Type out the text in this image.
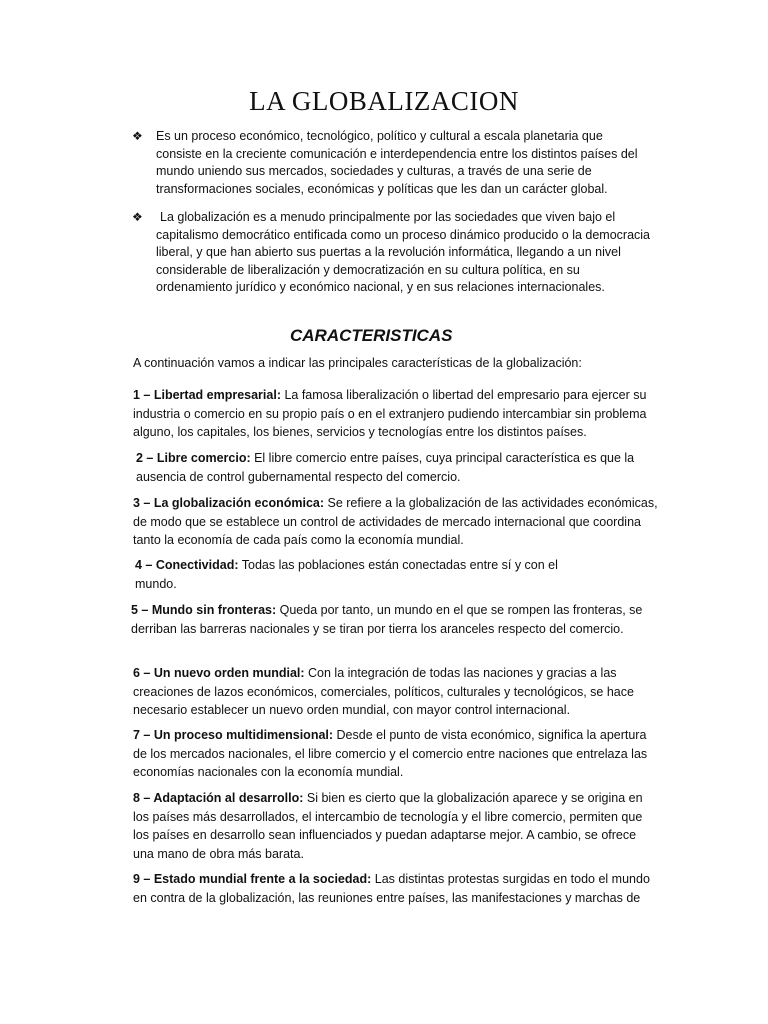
LA GLOBALIZACION
❖ Es un proceso económico, tecnológico, político y cultural a escala planetaria que consiste en la creciente comunicación e interdependencia entre los distintos países del mundo uniendo sus mercados, sociedades y culturas, a través de una serie de transformaciones sociales, económicas y políticas que les dan un carácter global.

❖	La globalización es a menudo principalmente por las sociedades que viven bajo el capitalismo democrático entificada como un proceso dinámico producido o la democracia liberal, y que han abierto sus puertas a la revolución informática, llegando a un nivel considerable de liberalización y democratización en su cultura política, en su ordenamiento jurídico y económico nacional, y en sus relaciones internacionales.

CARACTERISTICAS

A continuación vamos a indicar las principales características de la globalización:

1 – Libertad empresarial: La famosa liberalización o libertad del empresario para ejercer su industria o comercio en su propio país o en el extranjero pudiendo intercambiar sin problema alguno, los capitales, los bienes, servicios y tecnologías entre los distintos países.

2 – Libre comercio: El libre comercio entre países, cuya principal característica es que la ausencia de control gubernamental respecto del comercio.

3 – La globalización económica: Se refiere a la globalización de las actividades económicas, de modo que se establece un control de actividades de mercado internacional que coordina tanto la economía de cada país como la economía mundial.

4 – Conectividad: Todas las poblaciones están conectadas entre sí y con el mundo.

5 – Mundo sin fronteras: Queda por tanto, un mundo en el que se rompen las fronteras, se derriban las barreras nacionales y se tiran por tierra los aranceles respecto del comercio.

6 – Un nuevo orden mundial: Con la integración de todas las naciones y gracias a las creaciones de lazos económicos, comerciales, políticos, culturales y tecnológicos, se hace necesario establecer un nuevo orden mundial, con mayor control internacional.

7 – Un proceso multidimensional: Desde el punto de vista económico, significa la apertura de los mercados nacionales, el libre comercio y el comercio entre naciones que entrelaza las economías nacionales con la economía mundial.

8 – Adaptación al desarrollo: Si bien es cierto que la globalización aparece y se origina en los países más desarrollados, el intercambio de tecnología y el libre comercio, permiten que los países en desarrollo sean influenciados y puedan adaptarse mejor. A cambio, se ofrece una mano de obra más barata.

9 – Estado mundial frente a la sociedad: Las distintas protestas surgidas en todo el mundo en contra de la globalización, las reuniones entre países, las manifestaciones y marchas de
